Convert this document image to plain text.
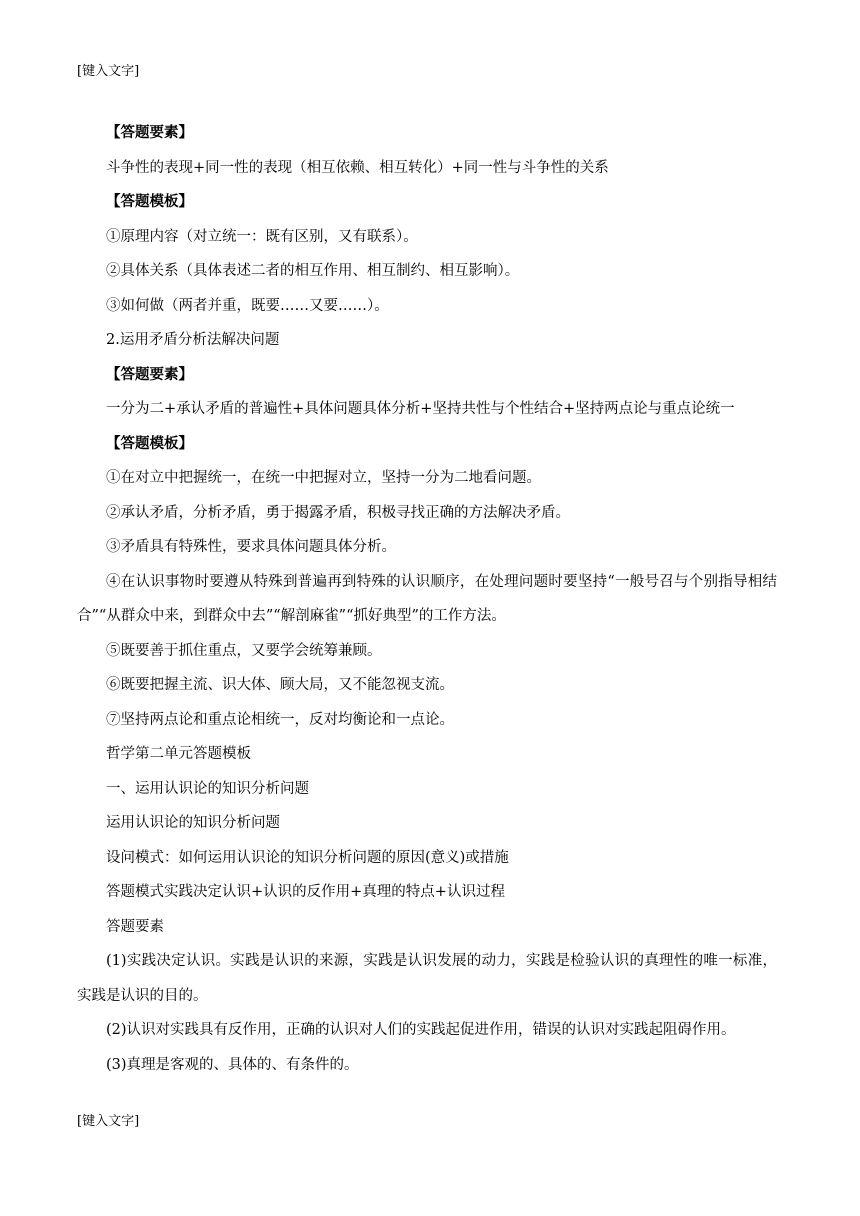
[键入文字]
【答题要素】
斗争性的表现+同一性的表现（相互依赖、相互转化）+同一性与斗争性的关系
【答题模板】
①原理内容（对立统一：既有区别，又有联系）。
②具体关系（具体表述二者的相互作用、相互制约、相互影响）。
③如何做（两者并重，既要……又要……）。
2.运用矛盾分析法解决问题
【答题要素】
一分为二+承认矛盾的普遍性+具体问题具体分析+坚持共性与个性结合+坚持两点论与重点论统一
【答题模板】
①在对立中把握统一，在统一中把握对立，坚持一分为二地看问题。
②承认矛盾，分析矛盾，勇于揭露矛盾，积极寻找正确的方法解决矛盾。
③矛盾具有特殊性，要求具体问题具体分析。
④在认识事物时要遵从特殊到普遍再到特殊的认识顺序，在处理问题时要坚持“一般号召与个别指导相结合”“从群众中来，到群众中去”“解剖麻雀”“抓好典型”的工作方法。
⑤既要善于抓住重点，又要学会统筹兼顾。
⑥既要把握主流、识大体、顾大局，又不能忽视支流。
⑦坚持两点论和重点论相统一，反对均衡论和一点论。
哲学第二单元答题模板
一、运用认识论的知识分析问题
运用认识论的知识分析问题
设问模式：如何运用认识论的知识分析问题的原因(意义)或措施
答题模式实践决定认识+认识的反作用+真理的特点+认识过程
答题要素
(1)实践决定认识。实践是认识的来源，实践是认识发展的动力，实践是检验认识的真理性的唯一标准，实践是认识的目的。
(2)认识对实践具有反作用，正确的认识对人们的实践起促进作用，错误的认识对实践起阻碍作用。
(3)真理是客观的、具体的、有条件的。
[键入文字]
